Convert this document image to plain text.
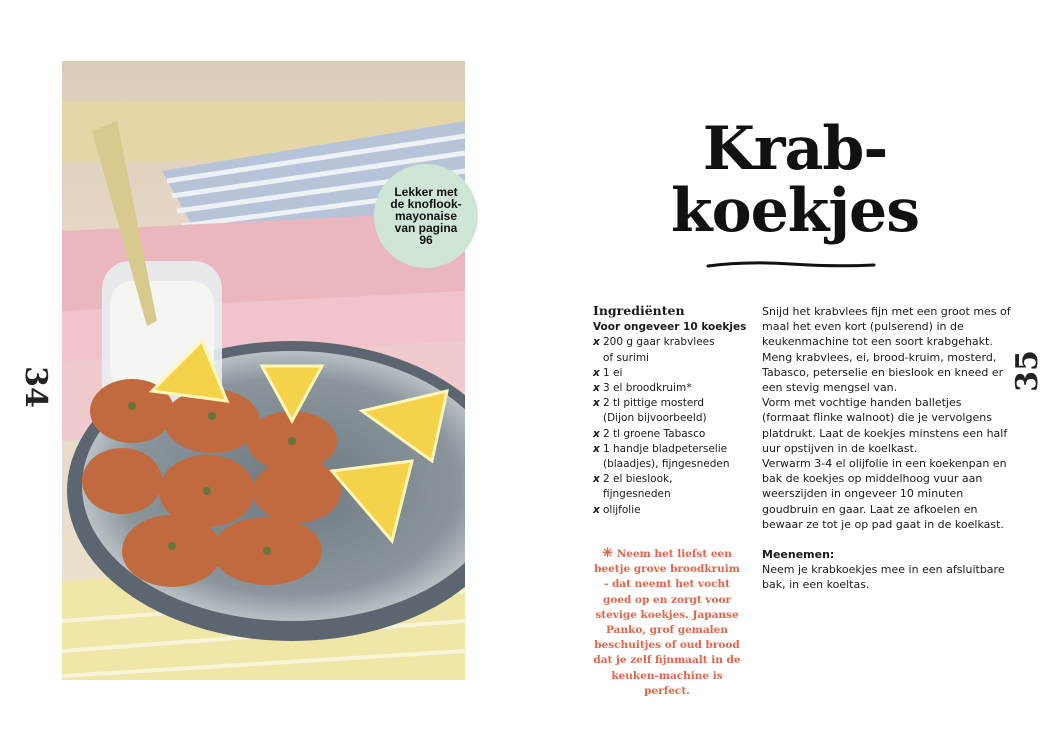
34	35
Lekker met
de knoflook-
mayonaise
van pagina
96
Krab-
koekjes
Ingrediënten
Voor ongeveer 10 koekjes
x 200 g gaar krabvlees
of surimi
x 1 ei
x 3 el broodkruim*
x 2 tl pittige mosterd
(Dijon bijvoorbeeld)
x 2 tl groene Tabasco
x 1 handje bladpeterselie
(blaadjes), fijngesneden
x 2 el bieslook,
fijngesneden
x olijfolie
✳ Neem het liefst een beetje grove broodkruim - dat neemt het vocht goed op en zorgt voor stevige koekjes. Japanse Panko, grof gemalen beschuitjes of oud brood dat je zelf fijnmaalt in de keuken-machine is perfect.

Snijd het krabvlees fijn met een groot mes of maal het even kort (pulserend) in de keukenmachine tot een soort krabgehakt. Meng krabvlees, ei, brood-kruim, mosterd, Tabasco, peterselie en bieslook en kneed er een stevig mengsel van.

Vorm met vochtige handen balletjes (formaat flinke walnoot) die je vervolgens platdrukt. Laat de koekjes minstens een half uur opstijven in de koelkast.

Verwarm 3-4 el olijfolie in een koekenpan en bak de koekjes op middelhoog vuur aan weerszijden in ongeveer 10 minuten goudbruin en gaar. Laat ze afkoelen en bewaar ze tot je op pad gaat in de koelkast.

Meenemen:

Neem je krabkoekjes mee in een afsluitbare bak, in een koeltas.
